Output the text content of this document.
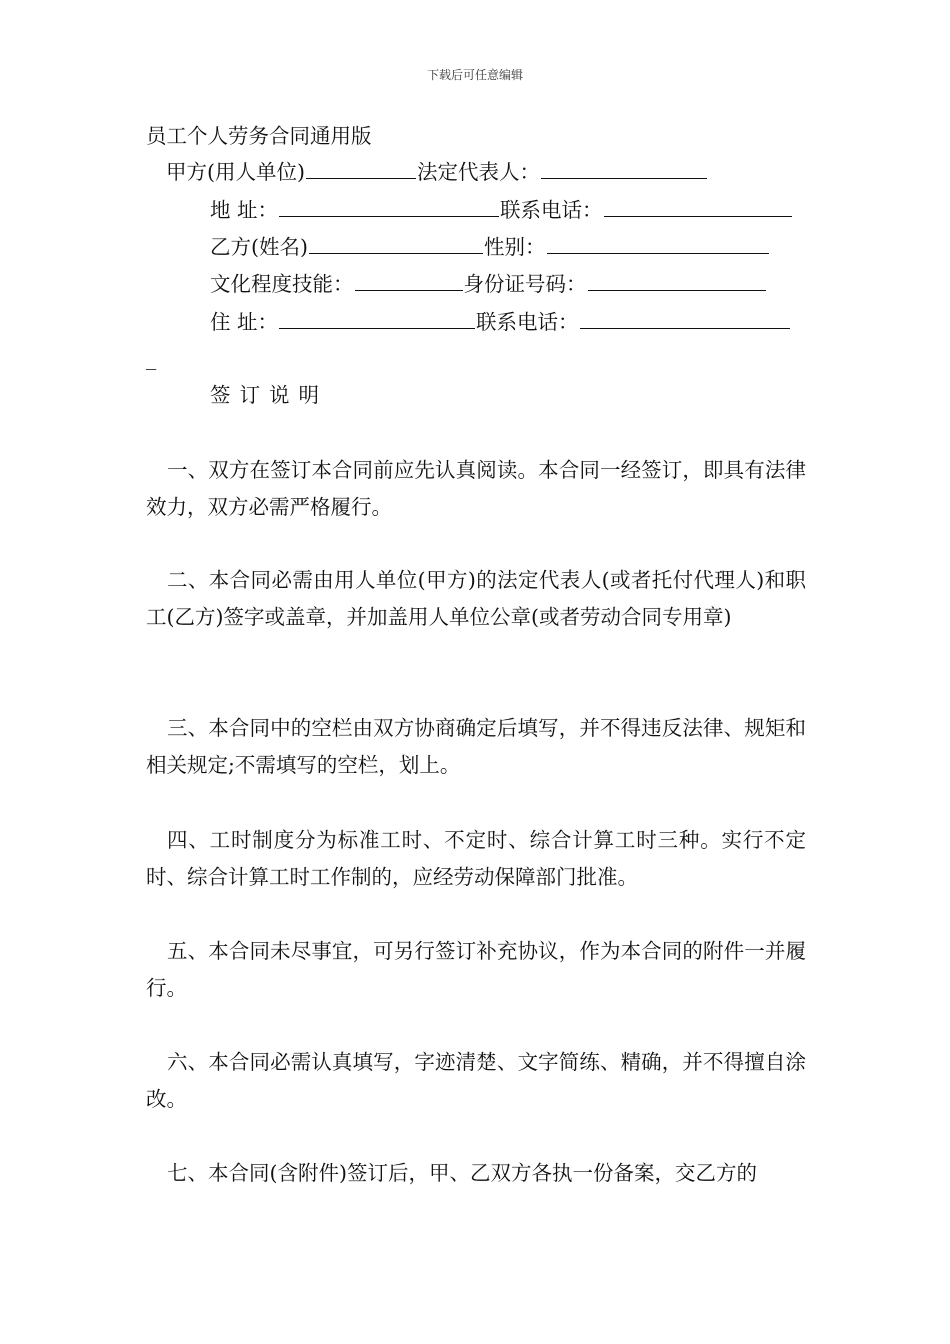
下载后可任意编辑
员工个人劳务合同通用版
甲方(用人单位)	法定代表人：
地 址：	联系电话：
乙方(姓名)	性别：
文化程度技能：	身份证号码：
住 址：	联系电话：
_
签订说明
一、双方在签订本合同前应先认真阅读。本合同一经签订，即具有法律效力，双方必需严格履行。
二、本合同必需由用人单位(甲方)的法定代表人(或者托付代理人)和职工(乙方)签字或盖章，并加盖用人单位公章(或者劳动合同专用章)
三、本合同中的空栏由双方协商确定后填写，并不得违反法律、规矩和相关规定;不需填写的空栏，划上。
四、工时制度分为标准工时、不定时、综合计算工时三种。实行不定时、综合计算工时工作制的，应经劳动保障部门批准。
五、本合同未尽事宜，可另行签订补充协议，作为本合同的附件一并履行。
六、本合同必需认真填写，字迹清楚、文字简练、精确，并不得擅自涂改。
七、本合同(含附件)签订后，甲、乙双方各执一份备案，交乙方的
